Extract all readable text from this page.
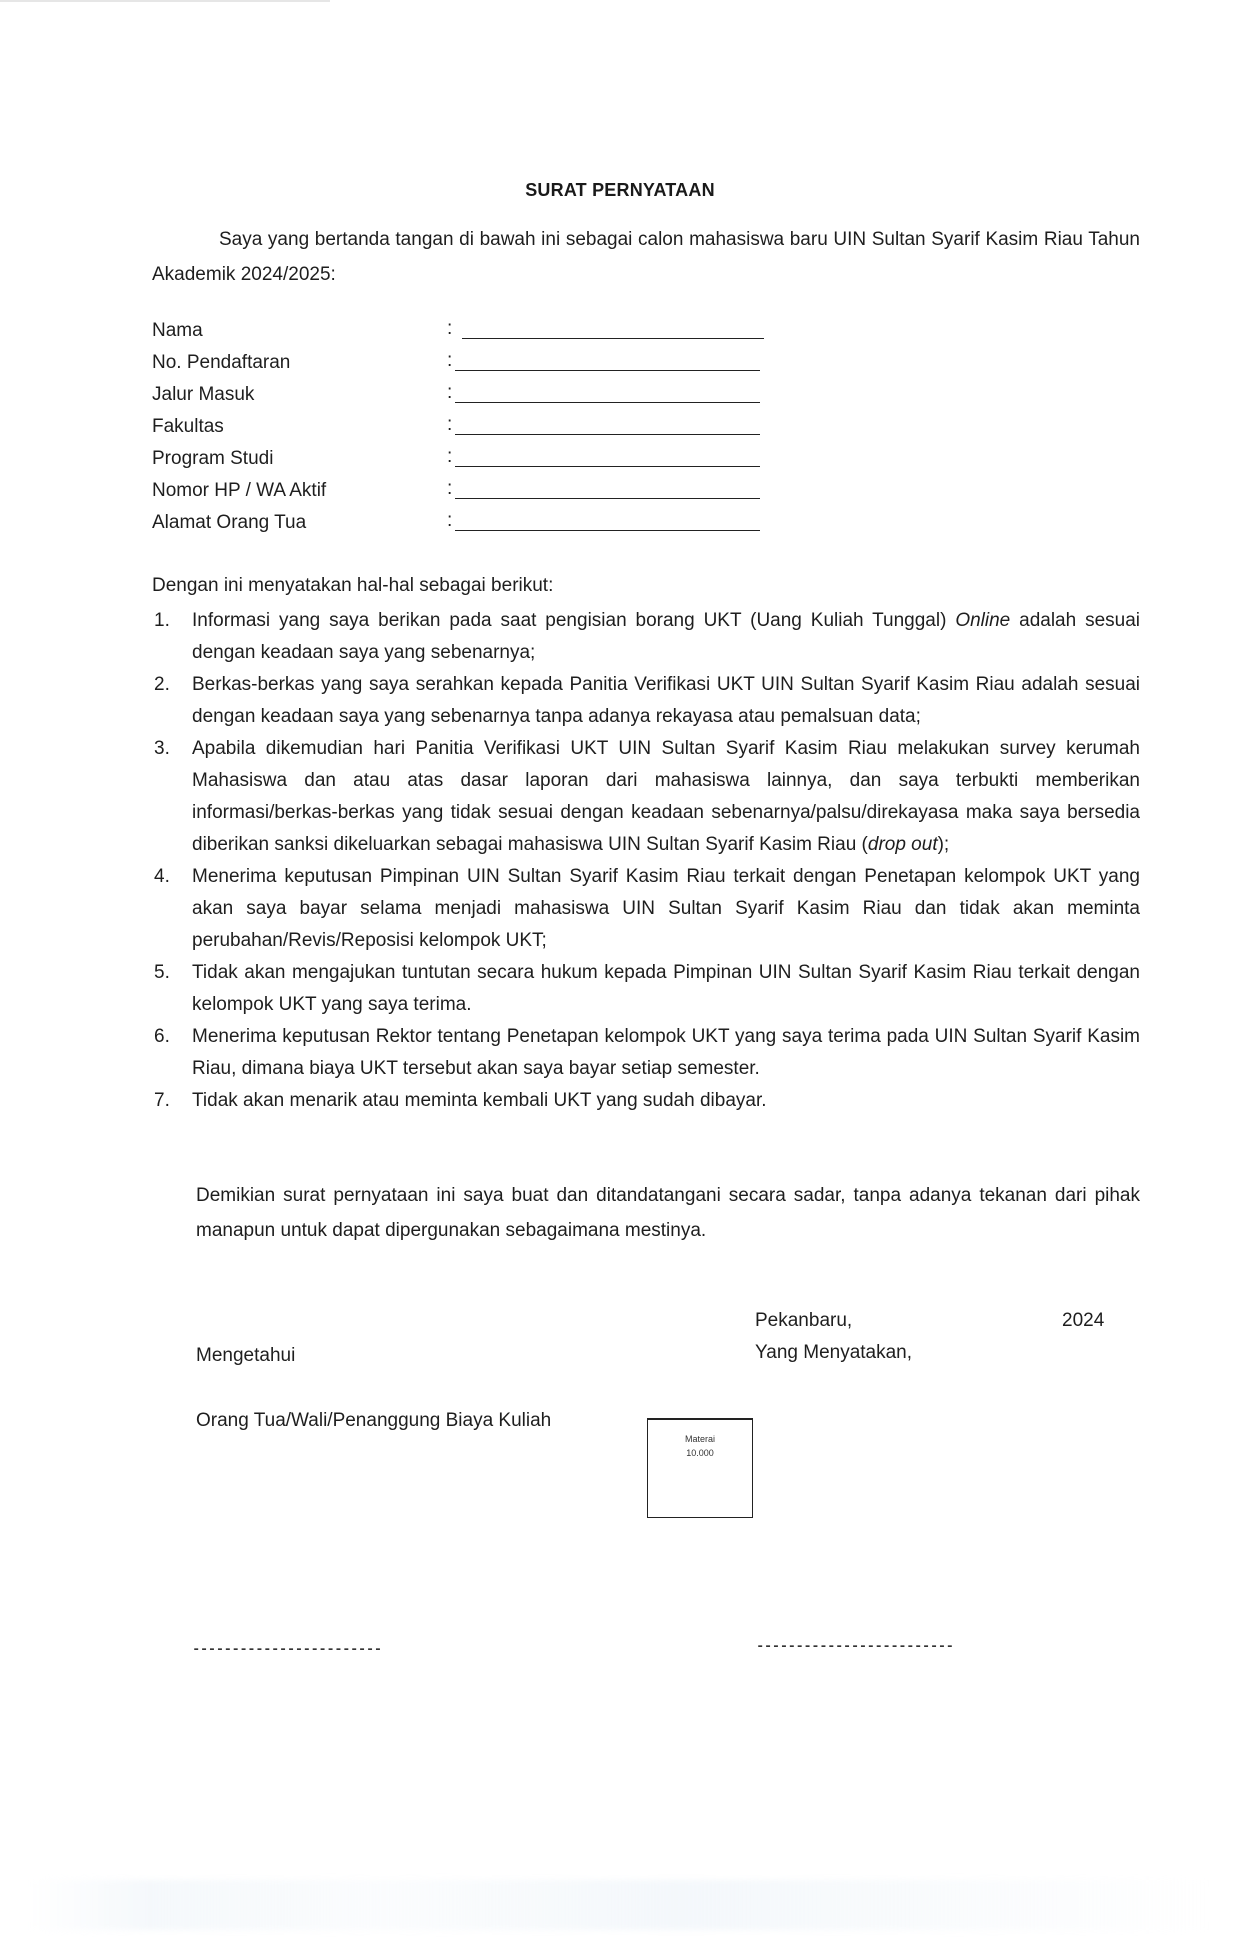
SURAT PERNYATAAN
Saya yang bertanda tangan di bawah ini sebagai calon mahasiswa baru UIN Sultan Syarif Kasim Riau Tahun Akademik 2024/2025:
Nama	:
No. Pendaftaran	:
Jalur Masuk	:
Fakultas	:
Program Studi	:
Nomor HP / WA Aktif	:
Alamat Orang Tua	:
Dengan ini menyatakan hal-hal sebagai berikut:
1. Informasi yang saya berikan pada saat pengisian borang UKT (Uang Kuliah Tunggal) Online adalah sesuai dengan keadaan saya yang sebenarnya;
2. Berkas-berkas yang saya serahkan kepada Panitia Verifikasi UKT UIN Sultan Syarif Kasim Riau adalah sesuai dengan keadaan saya yang sebenarnya tanpa adanya rekayasa atau pemalsuan data;
3. Apabila dikemudian hari Panitia Verifikasi UKT UIN Sultan Syarif Kasim Riau melakukan survey kerumah Mahasiswa dan atau atas dasar laporan dari mahasiswa lainnya, dan saya terbukti memberikan informasi/berkas-berkas yang tidak sesuai dengan keadaan sebenarnya/palsu/direkayasa maka saya bersedia diberikan sanksi dikeluarkan sebagai mahasiswa UIN Sultan Syarif Kasim Riau (drop out);
4. Menerima keputusan Pimpinan UIN Sultan Syarif Kasim Riau terkait dengan Penetapan kelompok UKT yang akan saya bayar selama menjadi mahasiswa UIN Sultan Syarif Kasim Riau dan tidak akan meminta perubahan/Revis/Reposisi kelompok UKT;
5. Tidak akan mengajukan tuntutan secara hukum kepada Pimpinan UIN Sultan Syarif Kasim Riau terkait dengan kelompok UKT yang saya terima.
6. Menerima keputusan Rektor tentang Penetapan kelompok UKT yang saya terima pada UIN Sultan Syarif Kasim Riau, dimana biaya UKT tersebut akan saya bayar setiap semester.
7. Tidak akan menarik atau meminta kembali UKT yang sudah dibayar.
Demikian surat pernyataan ini saya buat dan ditandatangani secara sadar, tanpa adanya tekanan dari pihak manapun untuk dapat dipergunakan sebagaimana mestinya.
Pekanbaru,	2024
Mengetahui	Yang Menyatakan,
Orang Tua/Wali/Penanggung Biaya Kuliah
Materai
10.000
------------------------	-------------------------
